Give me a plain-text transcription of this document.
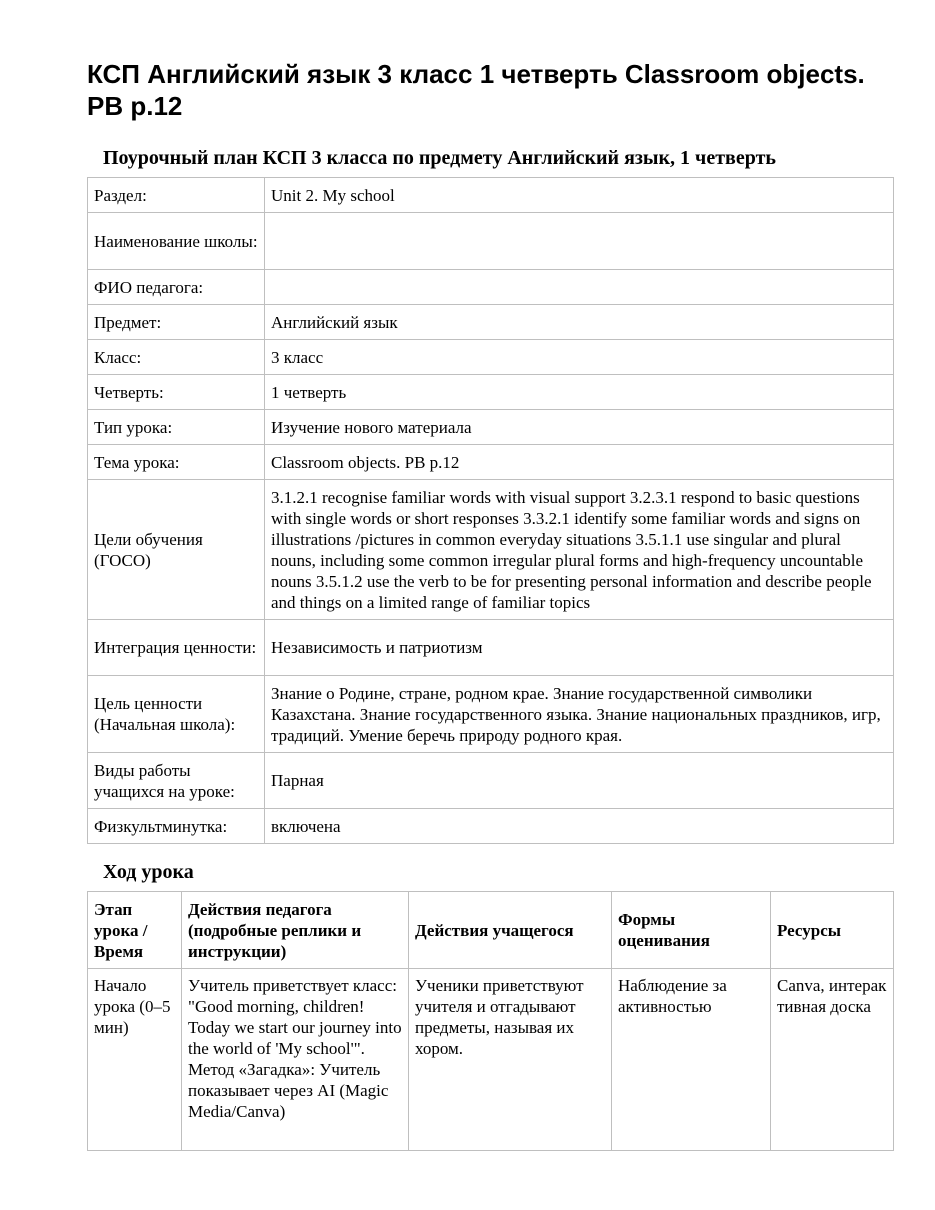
КСП Английский язык 3 класс 1 четверть Classroom objects. PB p.12
Поурочный план КСП 3 класса по предмету Английский язык, 1 четверть
Раздел:	Unit 2. My school
Наименование школы:	
ФИО педагога:	
Предмет:	Английский язык
Класс:	3 класс
Четверть:	1 четверть
Тип урока:	Изучение нового материала
Тема урока:	Classroom objects. PB p.12
Цели обучения (ГОСО)	3.1.2.1 recognise familiar words with visual support 3.2.3.1 respond to basic questions with single words or short responses 3.3.2.1 identify some familiar words and signs on illustrations /pictures in common everyday situations 3.5.1.1 use singular and plural nouns, including some common irregular plural forms and high-frequency uncountable nouns 3.5.1.2 use the verb to be for presenting personal information and describe people and things on a limited range of familiar topics
Интеграция ценности:	Независимость и патриотизм
Цель ценности (Начальная школа):	Знание о Родине, стране, родном крае. Знание государственной символики Казахстана. Знание государственного языка. Знание национальных праздников, игр, традиций. Умение беречь природу родного края.
Виды работы учащихся на уроке:	Парная
Физкультминутка:	включена
Ход урока
Этап урока / Время	Действия педагога (подробные реплики и инструкции)	Действия учащегося	Формы оценивания	Ресурсы
Начало урока (0–5 мин)	Учитель приветствует класс: "Good morning, children! Today we start our journey into the world of 'My school'". Метод «Загадка»: Учитель показывает через AI (Magic Media/Canva)	Ученики приветствуют учителя и отгадывают предметы, называя их хором.	Наблюдение за активностью	Canva, интерактивная доска
